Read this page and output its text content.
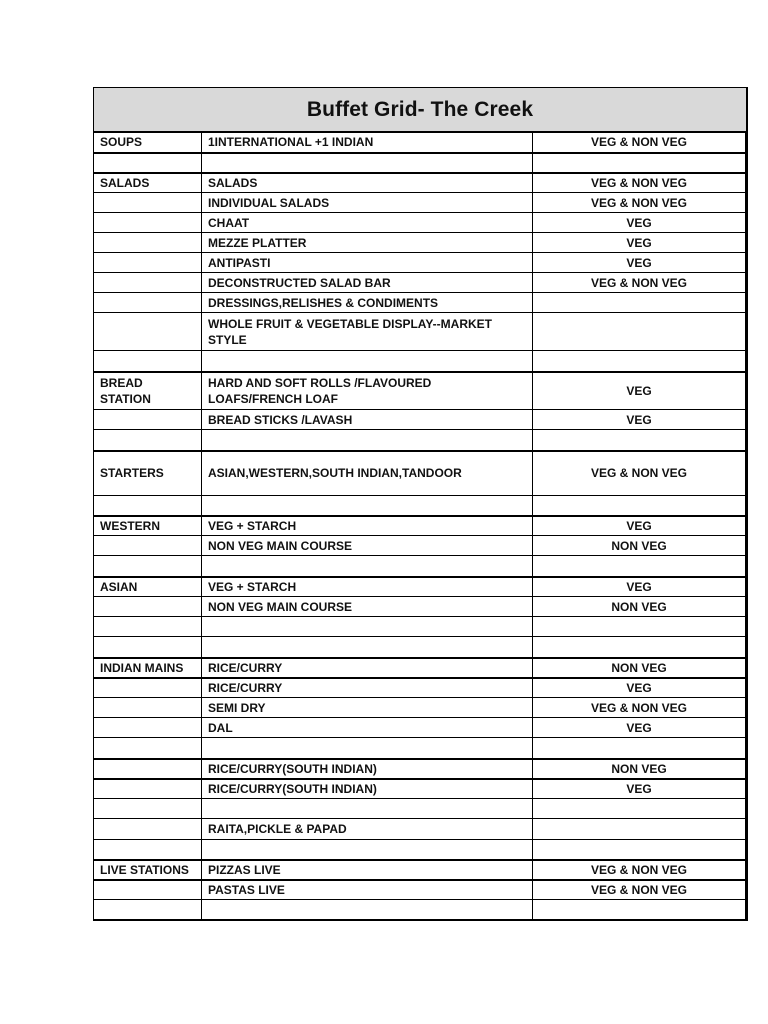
Buffet Grid- The Creek
SOUPS	1INTERNATIONAL +1 INDIAN	VEG & NON VEG

SALADS	SALADS	VEG & NON VEG
	INDIVIDUAL SALADS	VEG & NON VEG
	CHAAT	VEG
	MEZZE PLATTER	VEG
	ANTIPASTI	VEG
	DECONSTRUCTED SALAD BAR	VEG & NON VEG
	DRESSINGS,RELISHES & CONDIMENTS	
	WHOLE FRUIT & VEGETABLE DISPLAY--MARKET STYLE	

BREAD STATION	HARD AND SOFT ROLLS /FLAVOURED LOAFS/FRENCH LOAF	VEG
	BREAD STICKS /LAVASH	VEG

STARTERS	ASIAN,WESTERN,SOUTH INDIAN,TANDOOR	VEG & NON VEG

WESTERN	VEG + STARCH	VEG
	NON VEG MAIN COURSE	NON VEG

ASIAN	VEG + STARCH	VEG
	NON VEG MAIN COURSE	NON VEG

INDIAN MAINS	RICE/CURRY	NON VEG
	RICE/CURRY	VEG
	SEMI DRY	VEG & NON VEG
	DAL	VEG

	RICE/CURRY(SOUTH INDIAN)	NON VEG
	RICE/CURRY(SOUTH INDIAN)	VEG

	RAITA,PICKLE & PAPAD	

LIVE STATIONS	PIZZAS LIVE	VEG & NON VEG
	PASTAS LIVE	VEG & NON VEG
